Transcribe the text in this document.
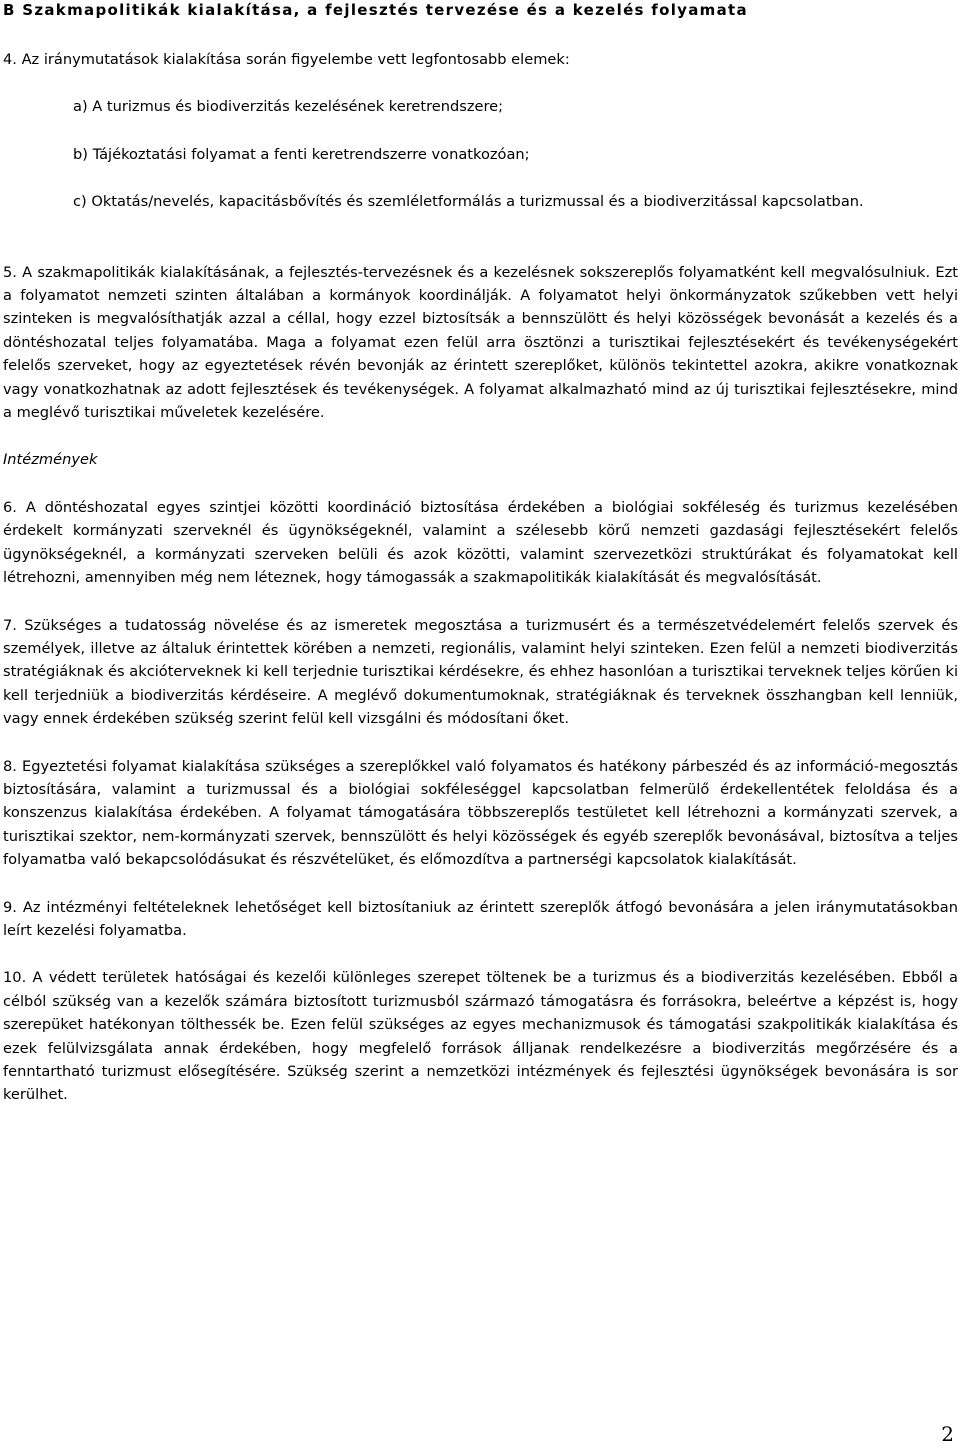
B Szakmapolitikák kialakítása, a fejlesztés tervezése és a kezelés folyamata

4. Az iránymutatások kialakítása során figyelembe vett legfontosabb elemek:

a) A turizmus és biodiverzitás kezelésének keretrendszere;

b) Tájékoztatási folyamat a fenti keretrendszerre vonatkozóan;

c) Oktatás/nevelés, kapacitásbővítés és szemléletformálás a turizmussal és a biodiverzitással kapcsolatban.

5. A szakmapolitikák kialakításának, a fejlesztés-tervezésnek és a kezelésnek sokszereplős folyamatként kell megvalósulniuk. Ezt a folyamatot nemzeti szinten általában a kormányok koordinálják. A folyamatot helyi önkormányzatok szűkebben vett helyi szinteken is megvalósíthatják azzal a céllal, hogy ezzel biztosítsák a bennszülött és helyi közösségek bevonását a kezelés és a döntéshozatal teljes folyamatába. Maga a folyamat ezen felül arra ösztönzi a turisztikai fejlesztésekért és tevékenységekért felelős szerveket, hogy az egyeztetések révén bevonják az érintett szereplőket, különös tekintettel azokra, akikre vonatkoznak vagy vonatkozhatnak az adott fejlesztések és tevékenységek. A folyamat alkalmazható mind az új turisztikai fejlesztésekre, mind a meglévő turisztikai műveletek kezelésére.

Intézmények

6. A döntéshozatal egyes szintjei közötti koordináció biztosítása érdekében a biológiai sokféleség és turizmus kezelésében érdekelt kormányzati szerveknél és ügynökségeknél, valamint a szélesebb körű nemzeti gazdasági fejlesztésekért felelős ügynökségeknél, a kormányzati szerveken belüli és azok közötti, valamint szervezetközi struktúrákat és folyamatokat kell létrehozni, amennyiben még nem léteznek, hogy támogassák a szakmapolitikák kialakítását és megvalósítását.

7. Szükséges a tudatosság növelése és az ismeretek megosztása a turizmusért és a természetvédelemért felelős szervek és személyek, illetve az általuk érintettek körében a nemzeti, regionális, valamint helyi szinteken. Ezen felül a nemzeti biodiverzitás stratégiáknak és akcióterveknek ki kell terjednie turisztikai kérdésekre, és ehhez hasonlóan a turisztikai terveknek teljes körűen ki kell terjedniük a biodiverzitás kérdéseire. A meglévő dokumentumoknak, stratégiáknak és terveknek összhangban kell lenniük, vagy ennek érdekében szükség szerint felül kell vizsgálni és módosítani őket.

8. Egyeztetési folyamat kialakítása szükséges a szereplőkkel való folyamatos és hatékony párbeszéd és az információ-megosztás biztosítására, valamint a turizmussal és a biológiai sokféleséggel kapcsolatban felmerülő érdekellentétek feloldása és a konszenzus kialakítása érdekében. A folyamat támogatására többszereplős testületet kell létrehozni a kormányzati szervek, a turisztikai szektor, nem-kormányzati szervek, bennszülött és helyi közösségek és egyéb szereplők bevonásával, biztosítva a teljes folyamatba való bekapcsolódásukat és részvételüket, és előmozdítva a partnerségi kapcsolatok kialakítását.

9. Az intézményi feltételeknek lehetőséget kell biztosítaniuk az érintett szereplők átfogó bevonására a jelen iránymutatásokban leírt kezelési folyamatba.

10. A védett területek hatóságai és kezelői különleges szerepet töltenek be a turizmus és a biodiverzitás kezelésében. Ebből a célból szükség van a kezelők számára biztosított turizmusból származó támogatásra és forrásokra, beleértve a képzést is, hogy szerepüket hatékonyan tölthessék be. Ezen felül szükséges az egyes mechanizmusok és támogatási szakpolitikák kialakítása és ezek felülvizsgálata annak érdekében, hogy megfelelő források álljanak rendelkezésre a biodiverzitás megőrzésére és a fenntartható turizmust elősegítésére. Szükség szerint a nemzetközi intézmények és fejlesztési ügynökségek bevonására is sor kerülhet.

2
